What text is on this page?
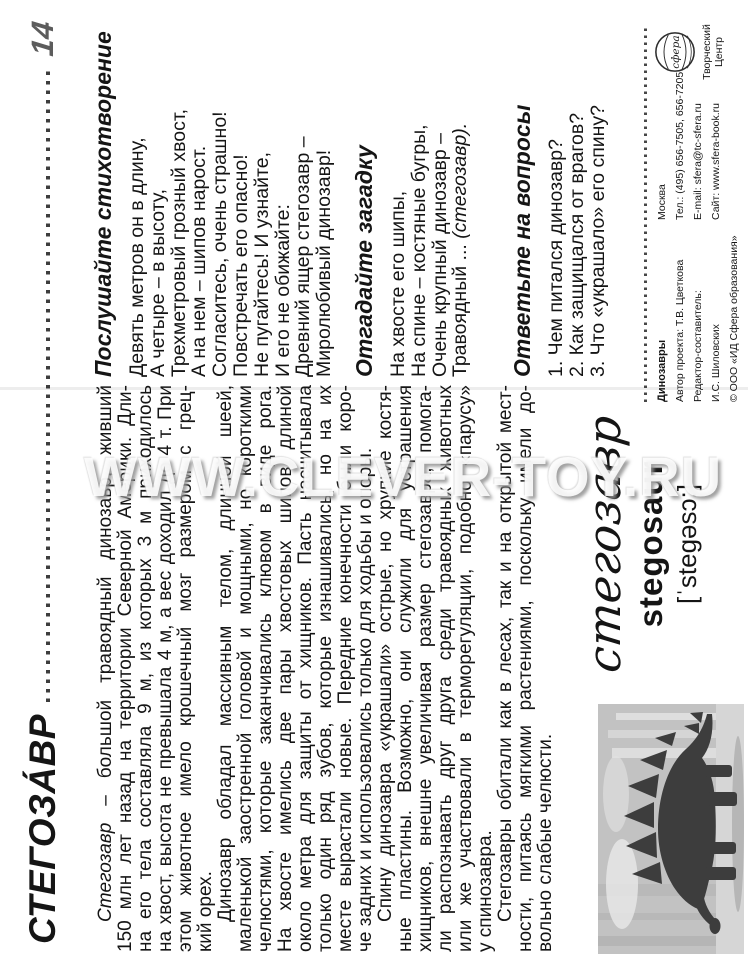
СТЕГОЗА́ВР
14
Стегозавр – большой травоядный динозавр, живший 150 млн лет назад на территории Северной Америки. Дли- на его тела составляла 9 м, из которых 3 м приходилось на хвост, высота не превышала 4 м, а вес доходил до 4 т. При этом животное имело крошечный мозг размером с грец- кий орех. Динозавр обладал массивным телом, длинной шеей, маленькой заостренной головой и мощными, но короткими челюстями, которые заканчивались клювом в виде рога. На хвосте имелись две пары хвостовых шипов длиной около метра для защиты от хищников. Пасть насчитывала только один ряд зубов, которые изнашивались, но на их месте вырастали новые. Передние конечности были коро- че задних и использовались только для ходьбы и опоры. Спину динозавра «украшали» острые, но хрупкие костя- ные пластины. Возможно, они служили для устрашения хищников, внешне увеличивая размер стегозавра, помога- ли распознавать друг друга среди травоядных животных или же участвовали в терморегуляции, подобно «парусу» у спинозавра. Стегозавры обитали как в лесах, так и на открытой мест- ности, питаясь мягкими растениями, поскольку имели до- вольно слабые челюсти.
Послушайте стихотворение Девять метров он в длину,
А четыре – в высоту,
Трехметровый грозный хвост,
А на нем – шипов нарост.
Согласитесь, очень страшно!
Повстречать его опасно!
Не пугайтесь! И узнайте,
И его не обижайте:
Древний ящер стегозавр –
Миролюбивый динозавр! Отгадайте загадку На хвосте его шипы,
На спине – костяные бугры,
Очень крупный динозавр –
Травоядный ... (стегозавр). Ответьте на вопросы 1. Чем питался динозавр?
2. Как защищался от врагов?
3. Что «украшало» его спину?
стегозавр stegosaur [ˈstegəsɔ:]
Динозавры Автор проекта: Т.В. Цветкова Редактор-составитель: И.С. Шиловских © ООО «ИД Сфера образования»
Москва Тел.: (495) 656-7505, 656-7205 E-mail: sfera@tc-sfera.ru Сайт: www.sfera-book.ru
сфера Творческий Центр
WWW.CLEVER-TOY.RU
